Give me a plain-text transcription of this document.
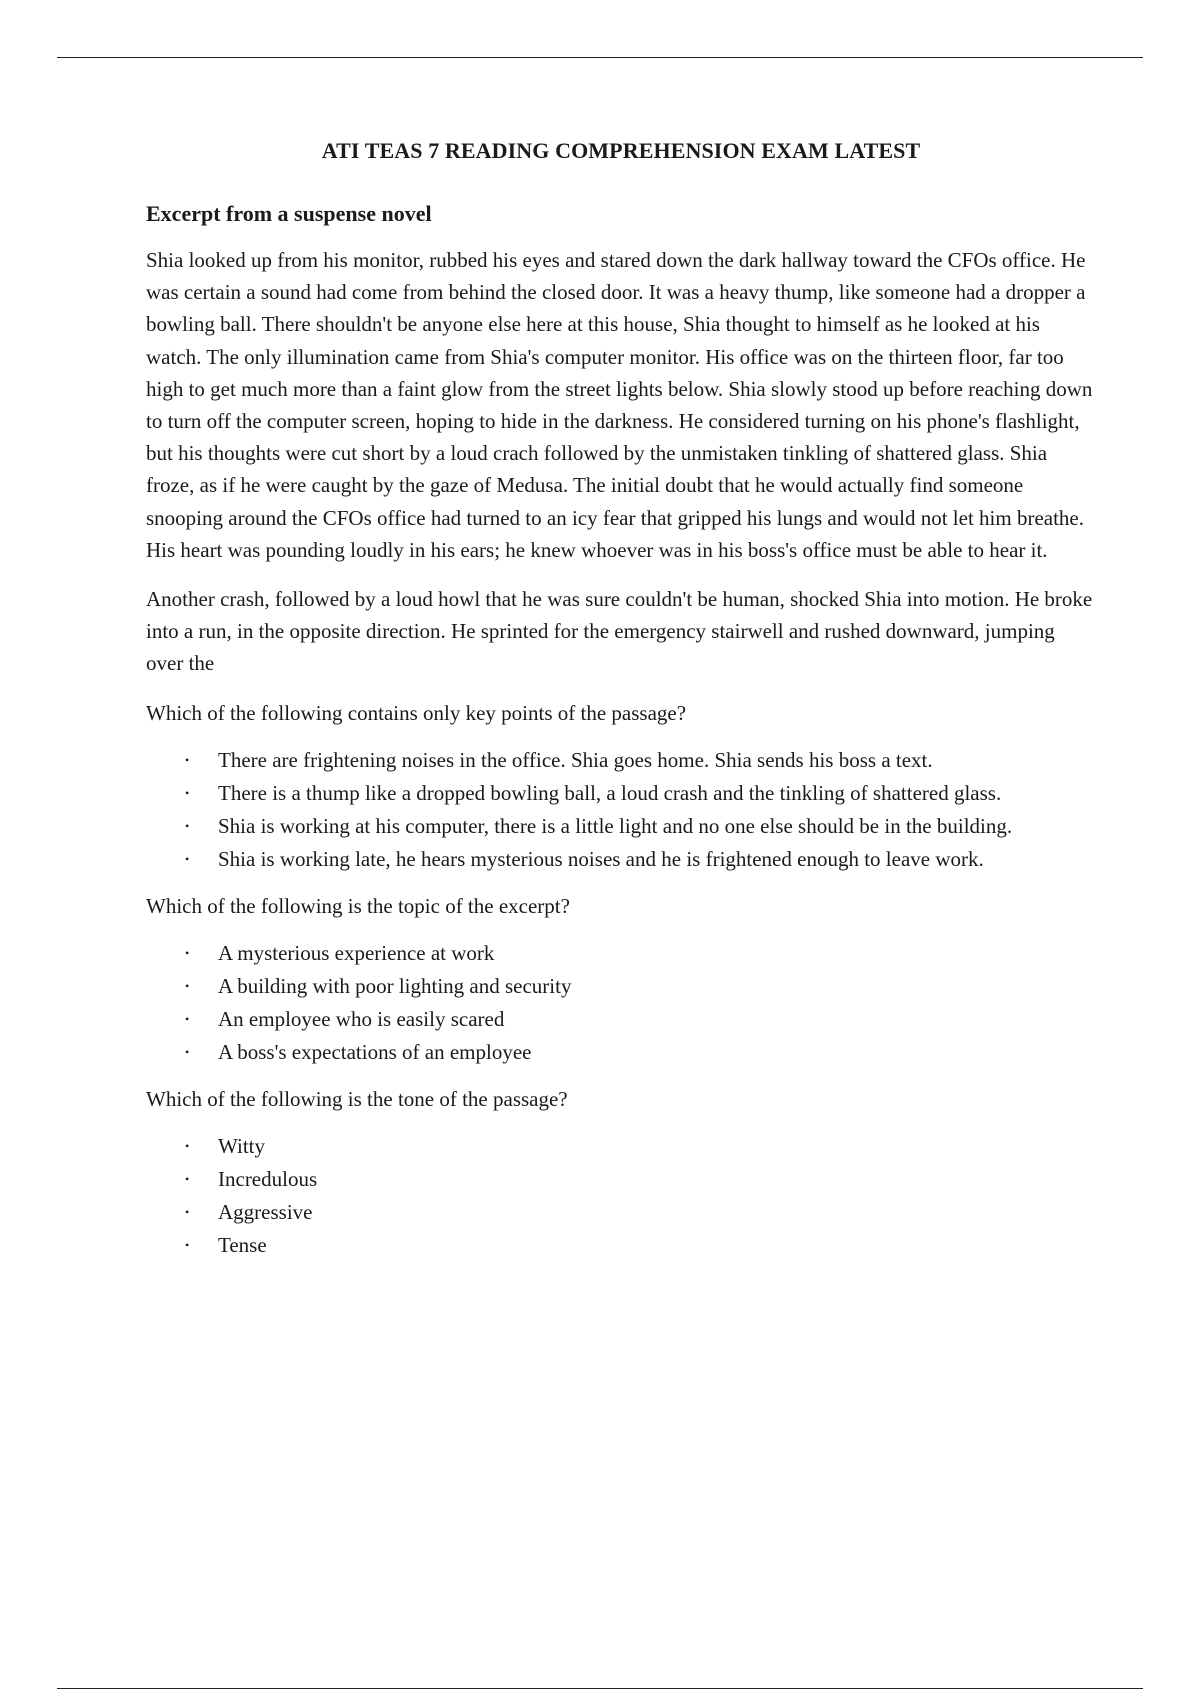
ATI TEAS 7 READING COMPREHENSION EXAM LATEST
Excerpt from a suspense novel

Shia looked up from his monitor, rubbed his eyes and stared down the dark hallway toward the CFOs office. He was certain a sound had come from behind the closed door. It was a heavy thump, like someone had a dropper a bowling ball. There shouldn't be anyone else here at this house, Shia thought to himself as he looked at his watch. The only illumination came from Shia's computer monitor. His office was on the thirteen floor, far too high to get much more than a faint glow from the street lights below. Shia slowly stood up before reaching down to turn off the computer screen, hoping to hide in the darkness. He considered turning on his phone's flashlight, but his thoughts were cut short by a loud crach followed by the unmistaken tinkling of shattered glass. Shia froze, as if he were caught by the gaze of Medusa. The initial doubt that he would actually find someone snooping around the CFOs office had turned to an icy fear that gripped his lungs and would not let him breathe. His heart was pounding loudly in his ears; he knew whoever was in his boss's office must be able to hear it.

Another crash, followed by a loud howl that he was sure couldn't be human, shocked Shia into motion. He broke into a run, in the opposite direction. He sprinted for the emergency stairwell and rushed downward, jumping over the

Which of the following contains only key points of the passage?

• There are frightening noises in the office. Shia goes home. Shia sends his boss a text.
• There is a thump like a dropped bowling ball, a loud crash and the tinkling of shattered glass.
• Shia is working at his computer, there is a little light and no one else should be in the building.
• Shia is working late, he hears mysterious noises and he is frightened enough to leave work.

Which of the following is the topic of the excerpt?

• A mysterious experience at work
• A building with poor lighting and security
• An employee who is easily scared
• A boss's expectations of an employee

Which of the following is the tone of the passage?

• Witty
• Incredulous
• Aggressive
• Tense
